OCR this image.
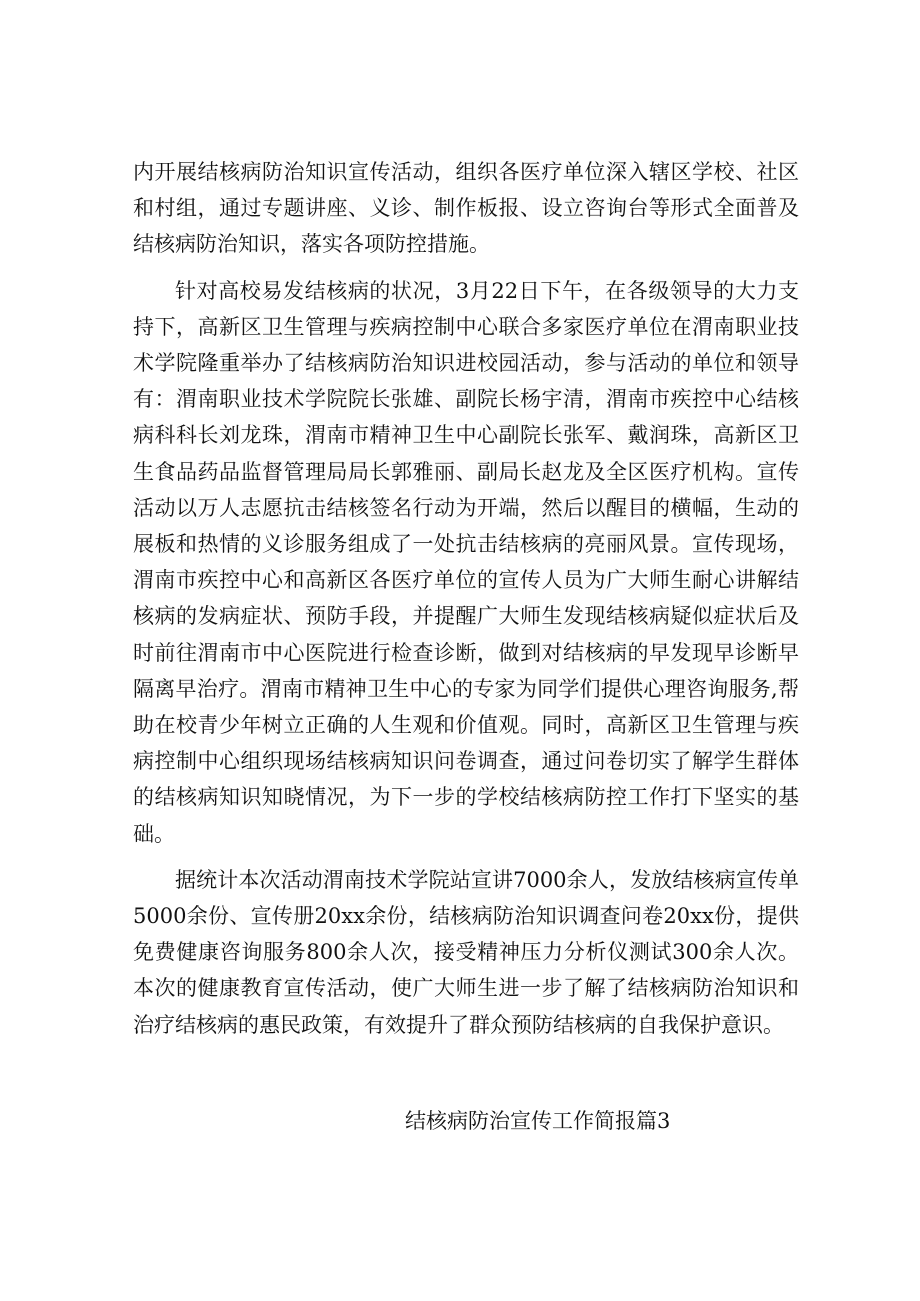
内开展结核病防治知识宣传活动，组织各医疗单位深入辖区学校、社区和村组，通过专题讲座、义诊、制作板报、设立咨询台等形式全面普及结核病防治知识，落实各项防控措施。

针对高校易发结核病的状况，3月22日下午，在各级领导的大力支持下，高新区卫生管理与疾病控制中心联合多家医疗单位在渭南职业技术学院隆重举办了结核病防治知识进校园活动，参与活动的单位和领导有：渭南职业技术学院院长张雄、副院长杨宇清，渭南市疾控中心结核病科科长刘龙珠，渭南市精神卫生中心副院长张军、戴润珠，高新区卫生食品药品监督管理局局长郭雅丽、副局长赵龙及全区医疗机构。宣传活动以万人志愿抗击结核签名行动为开端，然后以醒目的横幅，生动的展板和热情的义诊服务组成了一处抗击结核病的亮丽风景。宣传现场，渭南市疾控中心和高新区各医疗单位的宣传人员为广大师生耐心讲解结核病的发病症状、预防手段，并提醒广大师生发现结核病疑似症状后及时前往渭南市中心医院进行检查诊断，做到对结核病的早发现早诊断早隔离早治疗。渭南市精神卫生中心的专家为同学们提供心理咨询服务,帮助在校青少年树立正确的人生观和价值观。同时，高新区卫生管理与疾病控制中心组织现场结核病知识问卷调查，通过问卷切实了解学生群体的结核病知识知晓情况，为下一步的学校结核病防控工作打下坚实的基础。

据统计本次活动渭南技术学院站宣讲7000余人，发放结核病宣传单5000余份、宣传册20xx余份，结核病防治知识调查问卷20xx份，提供免费健康咨询服务800余人次，接受精神压力分析仪测试300余人次。本次的健康教育宣传活动，使广大师生进一步了解了结核病防治知识和治疗结核病的惠民政策，有效提升了群众预防结核病的自我保护意识。

结核病防治宣传工作简报篇3
